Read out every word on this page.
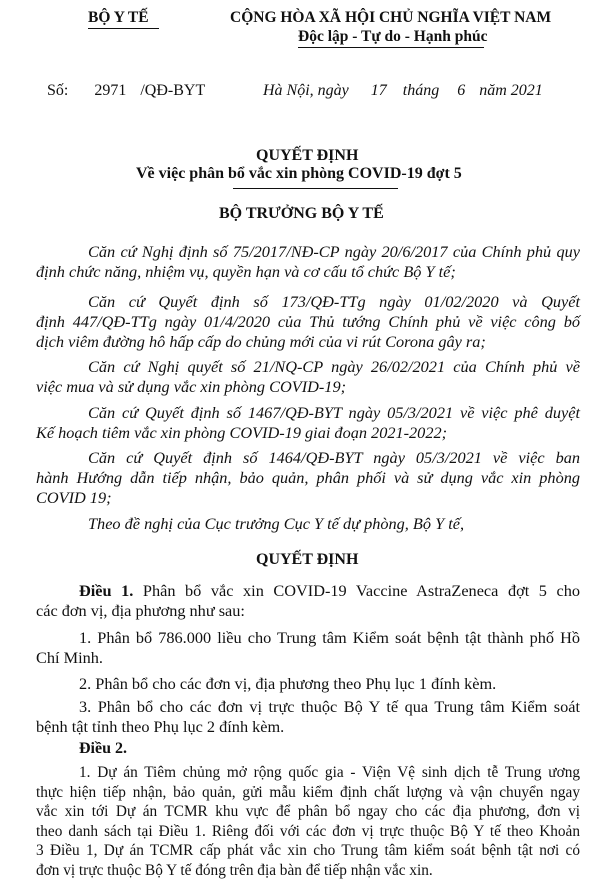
BỘ Y TẾ	CỘNG HÒA XÃ HỘI CHỦ NGHĨA VIỆT NAM
Độc lập - Tự do - Hạnh phúc
Số: 2971 /QĐ-BYT	Hà Nội, ngày 17 tháng 6 năm 2021
QUYẾT ĐỊNH
Về việc phân bổ vắc xin phòng COVID-19 đợt 5
BỘ TRƯỞNG BỘ Y TẾ
Căn cứ Nghị định số 75/2017/NĐ-CP ngày 20/6/2017 của Chính phủ quy
định chức năng, nhiệm vụ, quyền hạn và cơ cấu tổ chức Bộ Y tế;
Căn cứ Quyết định số 173/QĐ-TTg ngày 01/02/2020 và Quyết
định 447/QĐ-TTg ngày 01/4/2020 của Thủ tướng Chính phủ về việc công bố
dịch viêm đường hô hấp cấp do chủng mới của vi rút Corona gây ra;
Căn cứ Nghị quyết số 21/NQ-CP ngày 26/02/2021 của Chính phủ về
việc mua và sử dụng vắc xin phòng COVID-19;
Căn cứ Quyết định số 1467/QĐ-BYT ngày 05/3/2021 về việc phê duyệt
Kế hoạch tiêm vắc xin phòng COVID-19 giai đoạn 2021-2022;
Căn cứ Quyết định số 1464/QĐ-BYT ngày 05/3/2021 về việc ban
hành Hướng dẫn tiếp nhận, bảo quản, phân phối và sử dụng vắc xin phòng
COVID 19;
Theo đề nghị của Cục trưởng Cục Y tế dự phòng, Bộ Y tế,
QUYẾT ĐỊNH
Điều 1. Phân bổ vắc xin COVID-19 Vaccine AstraZeneca đợt 5 cho
các đơn vị, địa phương như sau:
1. Phân bổ 786.000 liều cho Trung tâm Kiểm soát bệnh tật thành phố Hồ
Chí Minh.
2. Phân bổ cho các đơn vị, địa phương theo Phụ lục 1 đính kèm.
3. Phân bổ cho các đơn vị trực thuộc Bộ Y tế qua Trung tâm Kiểm soát
bệnh tật tỉnh theo Phụ lục 2 đính kèm.
Điều 2.
1. Dự án Tiêm chủng mở rộng quốc gia - Viện Vệ sinh dịch tễ Trung ương
thực hiện tiếp nhận, bảo quản, gửi mẫu kiểm định chất lượng và vận chuyển ngay
vắc xin tới Dự án TCMR khu vực để phân bổ ngay cho các địa phương, đơn vị
theo danh sách tại Điều 1. Riêng đối với các đơn vị trực thuộc Bộ Y tế theo Khoản
3 Điều 1, Dự án TCMR cấp phát vắc xin cho Trung tâm kiểm soát bệnh tật nơi có
đơn vị trực thuộc Bộ Y tế đóng trên địa bàn để tiếp nhận vắc xin.
